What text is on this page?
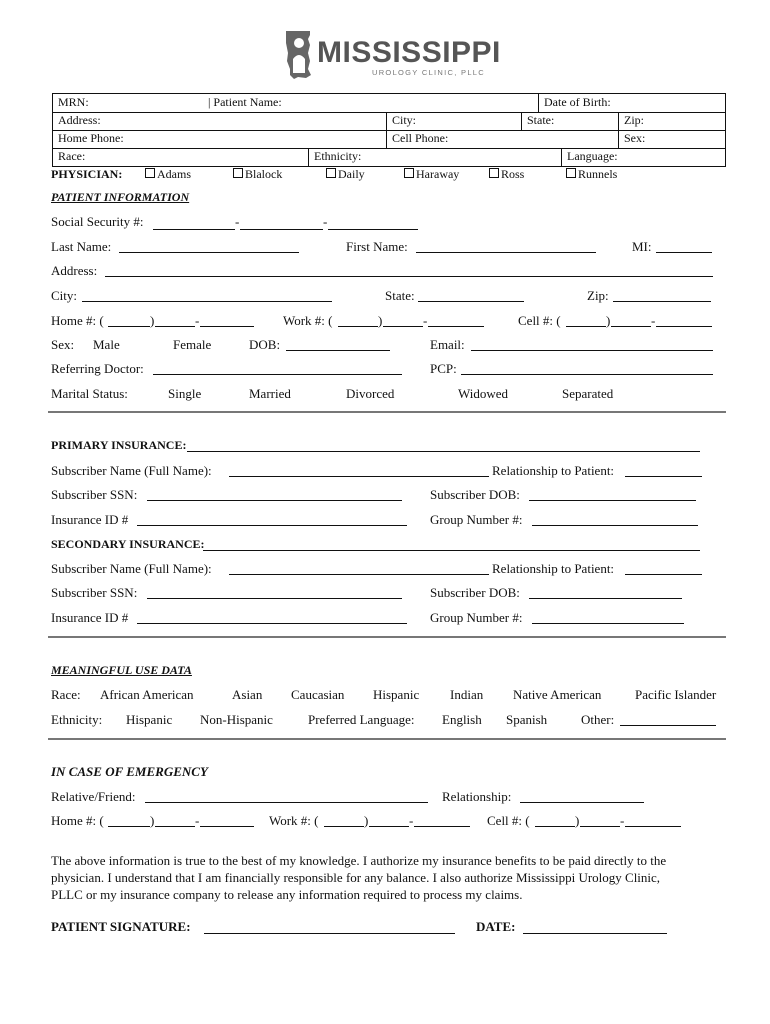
MISSISSIPPI
UROLOGY CLINIC, PLLC
MRN:	| Patient Name:	Date of Birth:
Address:	City:	State:	Zip:
Home Phone:	Cell Phone:	Sex:
Race:	Ethnicity:	Language:
PHYSICIAN:	Adams	Blalock	Daily	Haraway	Ross	Runnels
PATIENT INFORMATION
Social Security #:	-	-
Last Name:	First Name:	MI:
Address:
City:	State:	Zip:
Home #: (	)	-	Work #: (	)	-	Cell #: (	)	-
Sex: Male	Female	DOB:	Email:
Referring Doctor:	PCP:
Marital Status:	Single	Married	Divorced	Widowed	Separated
PRIMARY INSURANCE:
Subscriber Name (Full Name):	Relationship to Patient:
Subscriber SSN:	Subscriber DOB:
Insurance ID #	Group Number #:
SECONDARY INSURANCE:
Subscriber Name (Full Name):	Relationship to Patient:
Subscriber SSN:	Subscriber DOB:
Insurance ID #	Group Number #:
MEANINGFUL USE DATA
Race: African American	Asian Caucasian Hispanic Indian Native American	Pacific Islander
Ethnicity: Hispanic Non-Hispanic	Preferred Language: English Spanish	Other:
IN CASE OF EMERGENCY
Relative/Friend:	Relationship:
Home #: (	)	-	Work #: (	)	-	Cell #: (	)	-
The above information is true to the best of my knowledge. I authorize my insurance benefits to be paid directly to the
physician. I understand that I am financially responsible for any balance. I also authorize Mississippi Urology Clinic,
PLLC or my insurance company to release any information required to process my claims.
PATIENT SIGNATURE:	DATE:
